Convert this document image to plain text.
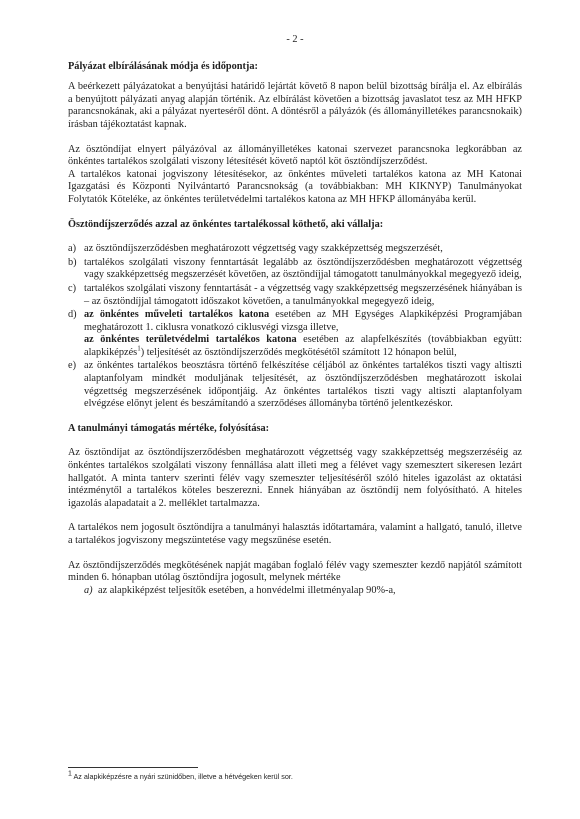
- 2 -
Pályázat elbírálásának módja és időpontja:

A beérkezett pályázatokat a benyújtási határidő lejártát követő 8 napon belül bizottság bírálja el. Az elbírálás a benyújtott pályázati anyag alapján történik. Az elbírálást követően a bizottság javaslatot tesz az MH HFKP parancsnokának, aki a pályázat nyerteséről dönt. A döntésről a pályázók (és állományilletékes parancsnokaik) írásban tájékoztatást kapnak.

Az ösztöndíjat elnyert pályázóval az állományilletékes katonai szervezet parancsnoka legkorábban az önkéntes tartalékos szolgálati viszony létesítését követő naptól köt ösztöndíjszerződést.

A tartalékos katonai jogviszony létesítésekor, az önkéntes műveleti tartalékos katona az MH Katonai Igazgatási és Központi Nyilvántartó Parancsnokság (a továbbiakban: MH KIKNYP) Tanulmányokat Folytatók Köteléke, az önkéntes területvédelmi tartalékos katona az MH HFKP állományába kerül.

Ösztöndíjszerződés azzal az önkéntes tartalékossal köthető, aki vállalja:
a) az ösztöndíjszerződésben meghatározott végzettség vagy szakképzettség megszerzését,
b) tartalékos szolgálati viszony fenntartását legalább az ösztöndíjszerződésben meghatározott végzettség vagy szakképzettség megszerzését követően, az ösztöndíjjal támogatott tanulmányokkal megegyező ideig,
c) tartalékos szolgálati viszony fenntartását - a végzettség vagy szakképzettség megszerzésének hiányában is – az ösztöndíjjal támogatott időszakot követően, a tanulmányokkal megegyező ideig,
d) az önkéntes műveleti tartalékos katona esetében az MH Egységes Alapkiképzési Programjában meghatározott 1. ciklusra vonatkozó ciklusvégi vizsga illetve,
az önkéntes területvédelmi tartalékos katona esetében az alapfelkészítés (továbbiakban együtt: alapkiképzés$^1$) teljesítését az ösztöndíjszerződés megkötésétől számított 12 hónapon belül,
e) az önkéntes tartalékos beosztásra történő felkészítése céljából az önkéntes tartalékos tiszti vagy altiszti alaptanfolyam mindkét moduljának teljesítését, az ösztöndíjszerződésben meghatározott iskolai végzettség megszerzésének időpontjáig. Az önkéntes tartalékos tiszti vagy altiszti alaptanfolyam elvégzése előnyt jelent és beszámítandó a szerződéses állományba történő jelentkezéskor.
A tanulmányi támogatás mértéke, folyósítása:

Az ösztöndíjat az ösztöndíjszerződésben meghatározott végzettség vagy szakképzettség megszerzéséig az önkéntes tartalékos szolgálati viszony fennállása alatt illeti meg a félévet vagy szemesztert sikeresen lezárt hallgatót. A minta tanterv szerinti félév vagy szemeszter teljesítéséről szóló hiteles igazolást az oktatási intézménytől a tartalékos köteles beszerezni. Ennek hiányában az ösztöndíj nem folyósítható. A hiteles igazolás alapadatait a 2. melléklet tartalmazza.

A tartalékos nem jogosult ösztöndíjra a tanulmányi halasztás időtartamára, valamint a hallgató, tanuló, illetve a tartalékos jogviszony megszüntetése vagy megszűnése esetén.

Az ösztöndíjszerződés megkötésének napját magában foglaló félév vagy szemeszter kezdő napjától számított minden 6. hónapban utólag ösztöndíjra jogosult, melynek mértéke

a) az alapkiképzést teljesítők esetében, a honvédelmi illetményalap 90%-a,
$^1$ Az alapkiképzésre a nyári szünidőben, illetve a hétvégeken kerül sor.
